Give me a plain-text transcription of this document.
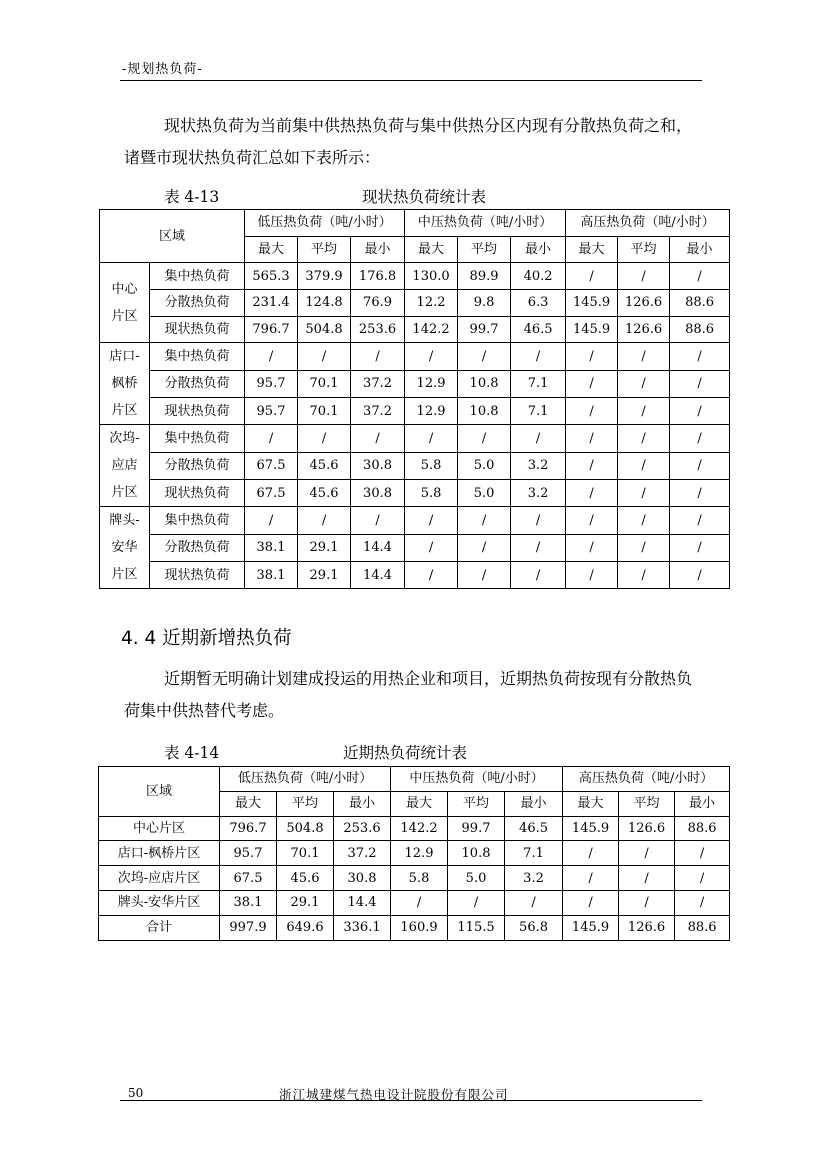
-规划热负荷-

现状热负荷为当前集中供热热负荷与集中供热分区内现有分散热负荷之和，诸暨市现状热负荷汇总如下表所示：

表 4-13	现状热负荷统计表
区域		低压热负荷（吨/小时）			中压热负荷（吨/小时）			高压热负荷（吨/小时）		
		最大	平均	最小	最大	平均	最小	最大	平均	最小

中心
片区	集中热负荷	565.3	379.9	176.8	130.0	89.9	40.2	/	/	/
	分散热负荷	231.4	124.8	76.9	12.2	9.8	6.3	145.9	126.6	88.6
	现状热负荷	796.7	504.8	253.6	142.2	99.7	46.5	145.9	126.6	88.6

店口-
枫桥
片区	集中热负荷	/	/	/	/	/	/	/	/	/
	分散热负荷	95.7	70.1	37.2	12.9	10.8	7.1	/	/	/
	现状热负荷	95.7	70.1	37.2	12.9	10.8	7.1	/	/	/

次坞-
应店
片区	集中热负荷	/	/	/	/	/	/	/	/	/
	分散热负荷	67.5	45.6	30.8	5.8	5.0	3.2	/	/	/
	现状热负荷	67.5	45.6	30.8	5.8	5.0	3.2	/	/	/

牌头-
安华
片区	集中热负荷	/	/	/	/	/	/	/	/	/
	分散热负荷	38.1	29.1	14.4	/	/	/	/	/	/
	现状热负荷	38.1	29.1	14.4	/	/	/	/	/	/
4. 4 近期新增热负荷

近期暂无明确计划建成投运的用热企业和项目，近期热负荷按现有分散热负荷集中供热替代考虑。

表 4-14	近期热负荷统计表
区域	低压热负荷（吨/小时）			中压热负荷（吨/小时）			高压热负荷（吨/小时）		
	最大	平均	最小	最大	平均	最小	最大	平均	最小
中心片区	796.7	504.8	253.6	142.2	99.7	46.5	145.9	126.6	88.6
店口-枫桥片区	95.7	70.1	37.2	12.9	10.8	7.1	/	/	/
次坞-应店片区	67.5	45.6	30.8	5.8	5.0	3.2	/	/	/
牌头-安华片区	38.1	29.1	14.4	/	/	/	/	/	/
合计	997.9	649.6	336.1	160.9	115.5	56.8	145.9	126.6	88.6
50	浙江城建煤气热电设计院股份有限公司
